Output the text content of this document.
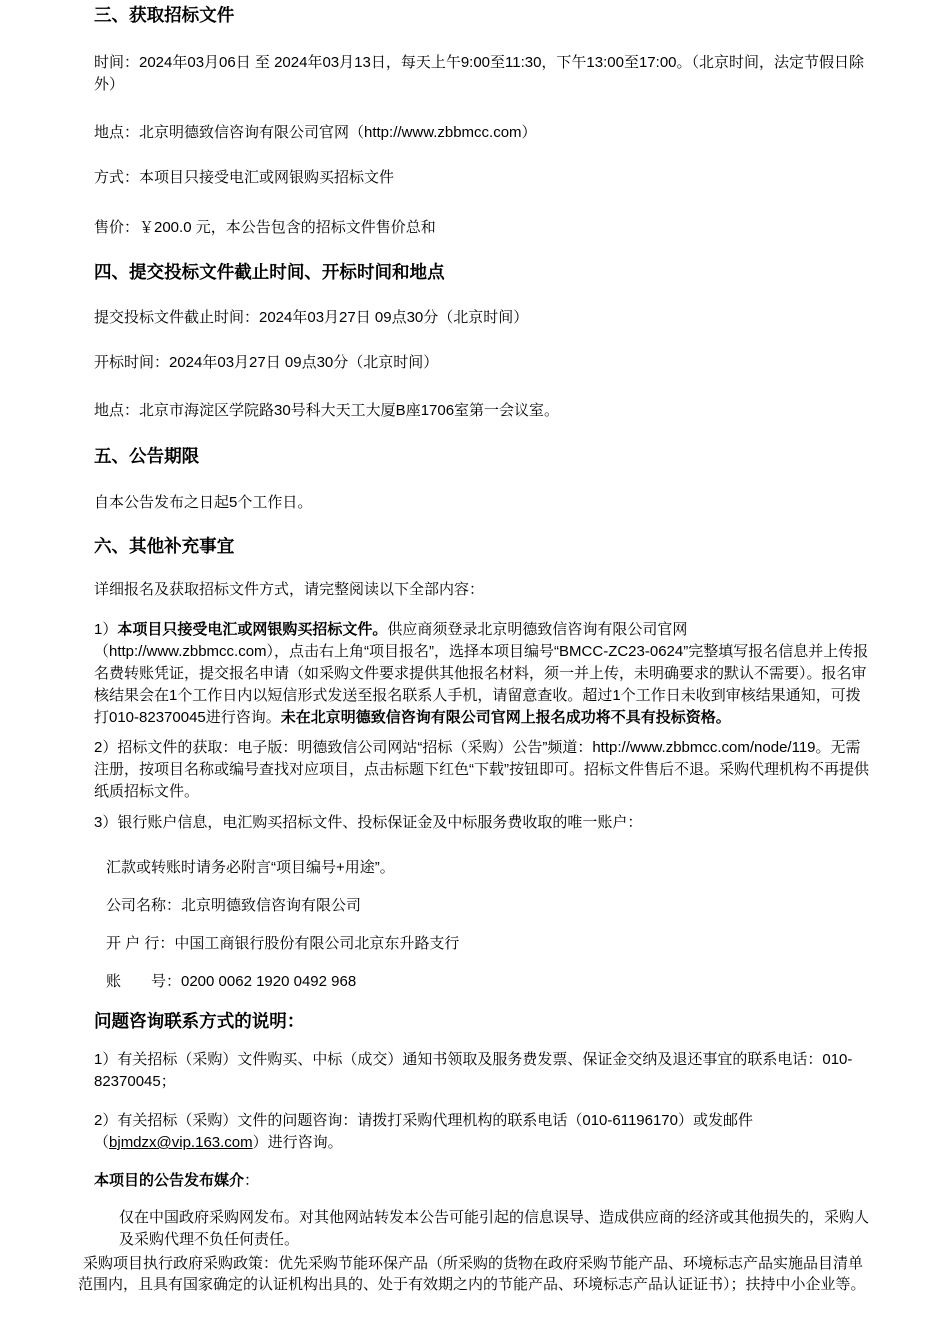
三、获取招标文件

时间：2024年03月06日 至 2024年03月13日，每天上午9:00至11:30，下午13:00至17:00。（北京时间，法定节假日除外）

地点：北京明德致信咨询有限公司官网（http://www.zbbmcc.com）

方式：本项目只接受电汇或网银购买招标文件

售价：￥200.0 元，本公告包含的招标文件售价总和

四、提交投标文件截止时间、开标时间和地点

提交投标文件截止时间：2024年03月27日 09点30分（北京时间）

开标时间：2024年03月27日 09点30分（北京时间）

地点：北京市海淀区学院路30号科大天工大厦B座1706室第一会议室。

五、公告期限

自本公告发布之日起5个工作日。

六、其他补充事宜

详细报名及获取招标文件方式，请完整阅读以下全部内容：

1）本项目只接受电汇或网银购买招标文件。供应商须登录北京明德致信咨询有限公司官网（http://www.zbbmcc.com），点击右上角“项目报名”，选择本项目编号“BMCC-ZC23-0624”完整填写报名信息并上传报名费转账凭证，提交报名申请（如采购文件要求提供其他报名材料，须一并上传，未明确要求的默认不需要）。报名审核结果会在1个工作日内以短信形式发送至报名联系人手机，请留意查收。超过1个工作日未收到审核结果通知，可拨打010-82370045进行咨询。未在北京明德致信咨询有限公司官网上报名成功将不具有投标资格。

2）招标文件的获取：电子版：明德致信公司网站“招标（采购）公告”频道：http://www.zbbmcc.com/node/119。无需注册，按项目名称或编号查找对应项目，点击标题下红色“下载”按钮即可。招标文件售后不退。采购代理机构不再提供纸质招标文件。

3）银行账户信息，电汇购买招标文件、投标保证金及中标服务费收取的唯一账户：

汇款或转账时请务必附言“项目编号+用途”。

公司名称：北京明德致信咨询有限公司

开 户 行：中国工商银行股份有限公司北京东升路支行

账　　号：0200 0062 1920 0492 968

问题咨询联系方式的说明：

1）有关招标（采购）文件购买、中标（成交）通知书领取及服务费发票、保证金交纳及退还事宜的联系电话：010-82370045；

2）有关招标（采购）文件的问题咨询：请拨打采购代理机构的联系电话（010-61196170）或发邮件（bjmdzx@vip.163.com）进行咨询。

本项目的公告发布媒介：

仅在中国政府采购网发布。对其他网站转发本公告可能引起的信息误导、造成供应商的经济或其他损失的，采购人及采购代理不负任何责任。

采购项目执行政府采购政策：优先采购节能环保产品（所采购的货物在政府采购节能产品、环境标志产品实施品目清单范围内，且具有国家确定的认证机构出具的、处于有效期之内的节能产品、环境标志产品认证证书）；扶持中小企业等。
